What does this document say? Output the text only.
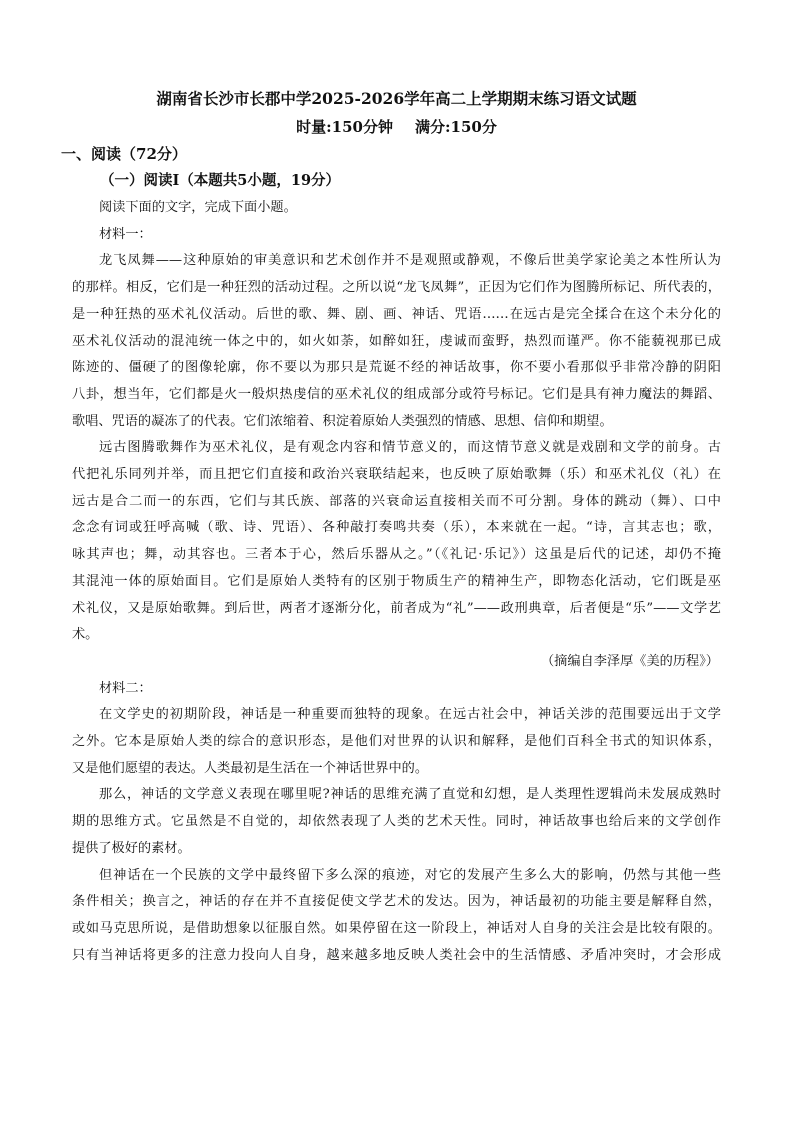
湖南省长沙市长郡中学2025-2026学年高二上学期期末练习语文试题
时量:150分钟 满分:150分
一、阅读（72分）
（一）阅读I（本题共5小题，19分）
阅读下面的文字，完成下面小题。
材料一：
龙飞凤舞——这种原始的审美意识和艺术创作并不是观照或静观，不像后世美学家论美之本性所认为
的那样。相反，它们是一种狂烈的活动过程。之所以说“龙飞凤舞”，正因为它们作为图腾所标记、所代表的，
是一种狂热的巫术礼仪活动。后世的歌、舞、剧、画、神话、咒语……在远古是完全揉合在这个未分化的
巫术礼仪活动的混沌统一体之中的，如火如荼，如醉如狂，虔诚而蛮野，热烈而谨严。你不能藐视那已成
陈迹的、僵硬了的图像轮廓，你不要以为那只是荒诞不经的神话故事，你不要小看那似乎非常冷静的阴阳
八卦，想当年，它们都是火一般炽热虔信的巫术礼仪的组成部分或符号标记。它们是具有神力魔法的舞蹈、
歌唱、咒语的凝冻了的代表。它们浓缩着、积淀着原始人类强烈的情感、思想、信仰和期望。
远古图腾歌舞作为巫术礼仪，是有观念内容和情节意义的，而这情节意义就是戏剧和文学的前身。古
代把礼乐同列并举，而且把它们直接和政治兴衰联结起来，也反映了原始歌舞（乐）和巫术礼仪（礼）在
远古是合二而一的东西，它们与其氏族、部落的兴衰命运直接相关而不可分割。身体的跳动（舞）、口中
念念有词或狂呼高喊（歌、诗、咒语）、各种敲打奏鸣共奏（乐），本来就在一起。“诗，言其志也；歌，
咏其声也；舞，动其容也。三者本于心，然后乐器从之。”（《礼记·乐记》）这虽是后代的记述，却仍不掩
其混沌一体的原始面目。它们是原始人类特有的区别于物质生产的精神生产，即物态化活动，它们既是巫
术礼仪，又是原始歌舞。到后世，两者才逐渐分化，前者成为“礼”——政刑典章，后者便是“乐”——文学艺
术。
（摘编自李泽厚《美的历程》）
材料二：
在文学史的初期阶段，神话是一种重要而独特的现象。在远古社会中，神话关涉的范围要远出于文学
之外。它本是原始人类的综合的意识形态，是他们对世界的认识和解释，是他们百科全书式的知识体系，
又是他们愿望的表达。人类最初是生活在一个神话世界中的。
那么，神话的文学意义表现在哪里呢?神话的思维充满了直觉和幻想，是人类理性逻辑尚未发展成熟时
期的思维方式。它虽然是不自觉的，却依然表现了人类的艺术天性。同时，神话故事也给后来的文学创作
提供了极好的素材。
但神话在一个民族的文学中最终留下多么深的痕迹，对它的发展产生多么大的影响，仍然与其他一些
条件相关；换言之，神话的存在并不直接促使文学艺术的发达。因为，神话最初的功能主要是解释自然，
或如马克思所说，是借助想象以征服自然。如果停留在这一阶段上，神话对人自身的关注会是比较有限的。
只有当神话将更多的注意力投向人自身，越来越多地反映人类社会中的生活情感、矛盾冲突时，才会形成
